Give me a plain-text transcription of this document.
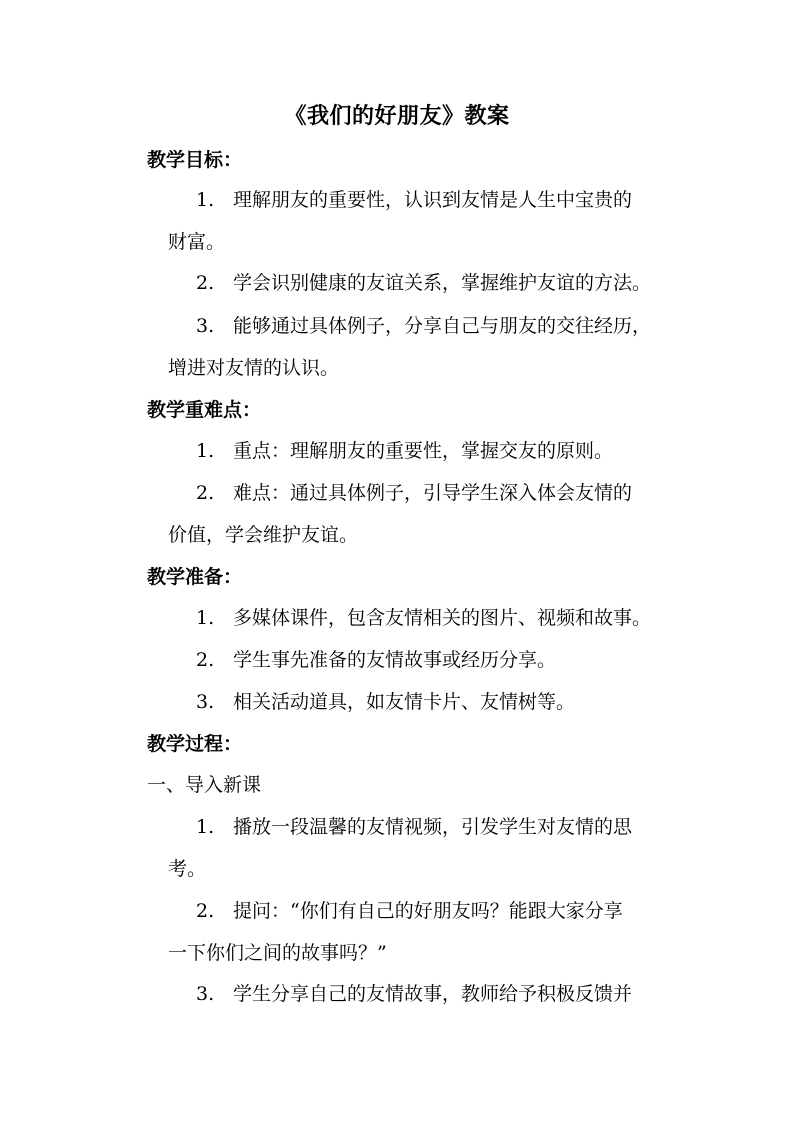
《我们的好朋友》教案
教学目标：
1. 理解朋友的重要性，认识到友情是人生中宝贵的
财富。
2. 学会识别健康的友谊关系，掌握维护友谊的方法。
3. 能够通过具体例子，分享自己与朋友的交往经历，
增进对友情的认识。
教学重难点：
1. 重点：理解朋友的重要性，掌握交友的原则。
2. 难点：通过具体例子，引导学生深入体会友情的
价值，学会维护友谊。
教学准备：
1. 多媒体课件，包含友情相关的图片、视频和故事。
2. 学生事先准备的友情故事或经历分享。
3. 相关活动道具，如友情卡片、友情树等。
教学过程：
一、导入新课
1. 播放一段温馨的友情视频，引发学生对友情的思
考。
2. 提问：“你们有自己的好朋友吗？能跟大家分享
一下你们之间的故事吗？”
3. 学生分享自己的友情故事，教师给予积极反馈并
